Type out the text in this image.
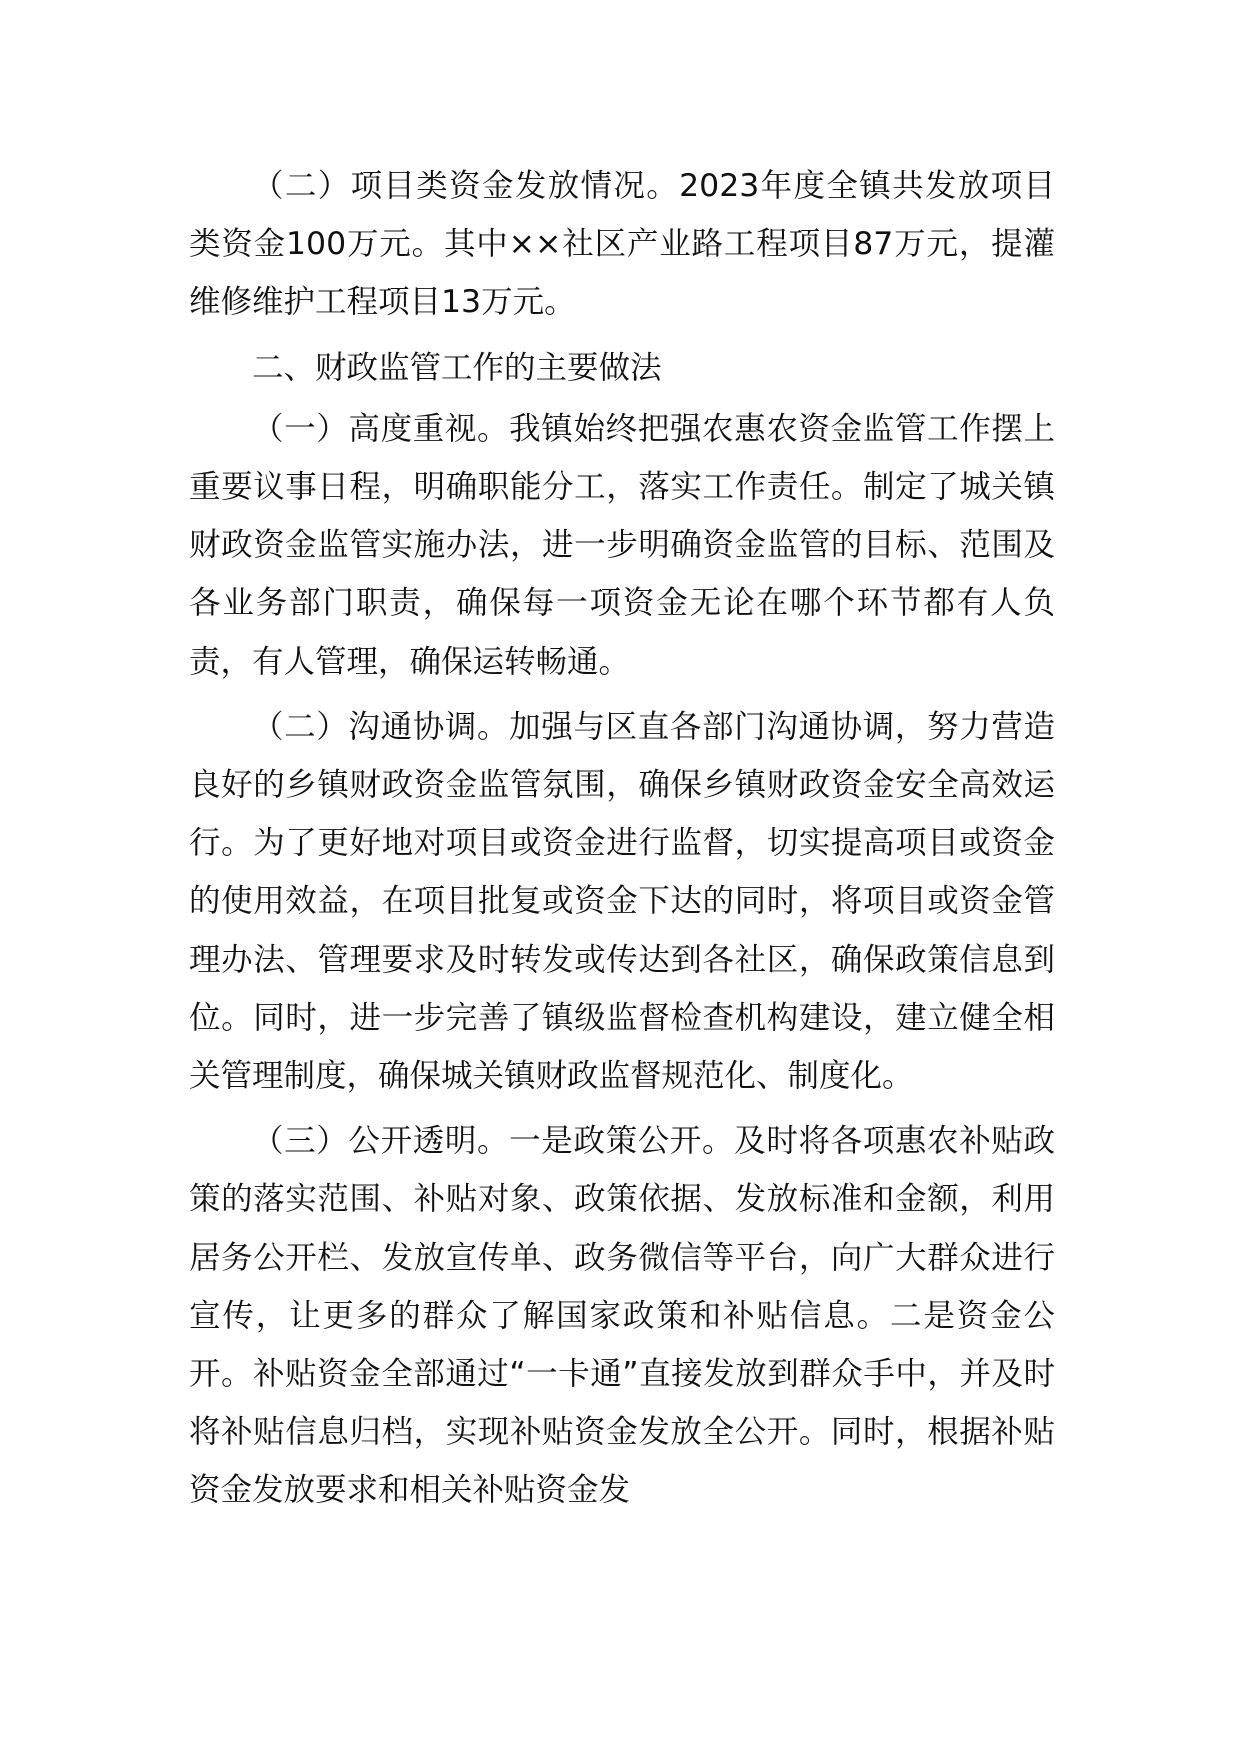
（二）项目类资金发放情况。2023年度全镇共发放项目类资金100万元。其中××社区产业路工程项目87万元，提灌维修维护工程项目13万元。

二、财政监管工作的主要做法

（一）高度重视。我镇始终把强农惠农资金监管工作摆上重要议事日程，明确职能分工，落实工作责任。制定了城关镇财政资金监管实施办法，进一步明确资金监管的目标、范围及各业务部门职责，确保每一项资金无论在哪个环节都有人负责，有人管理，确保运转畅通。

（二）沟通协调。加强与区直各部门沟通协调，努力营造良好的乡镇财政资金监管氛围，确保乡镇财政资金安全高效运行。为了更好地对项目或资金进行监督，切实提高项目或资金的使用效益，在项目批复或资金下达的同时，将项目或资金管理办法、管理要求及时转发或传达到各社区，确保政策信息到位。同时，进一步完善了镇级监督检查机构建设，建立健全相关管理制度，确保城关镇财政监督规范化、制度化。

（三）公开透明。一是政策公开。及时将各项惠农补贴政策的落实范围、补贴对象、政策依据、发放标准和金额，利用居务公开栏、发放宣传单、政务微信等平台，向广大群众进行宣传，让更多的群众了解国家政策和补贴信息。二是资金公开。补贴资金全部通过“一卡通”直接发放到群众手中，并及时将补贴信息归档，实现补贴资金发放全公开。同时，根据补贴资金发放要求和相关补贴资金发
